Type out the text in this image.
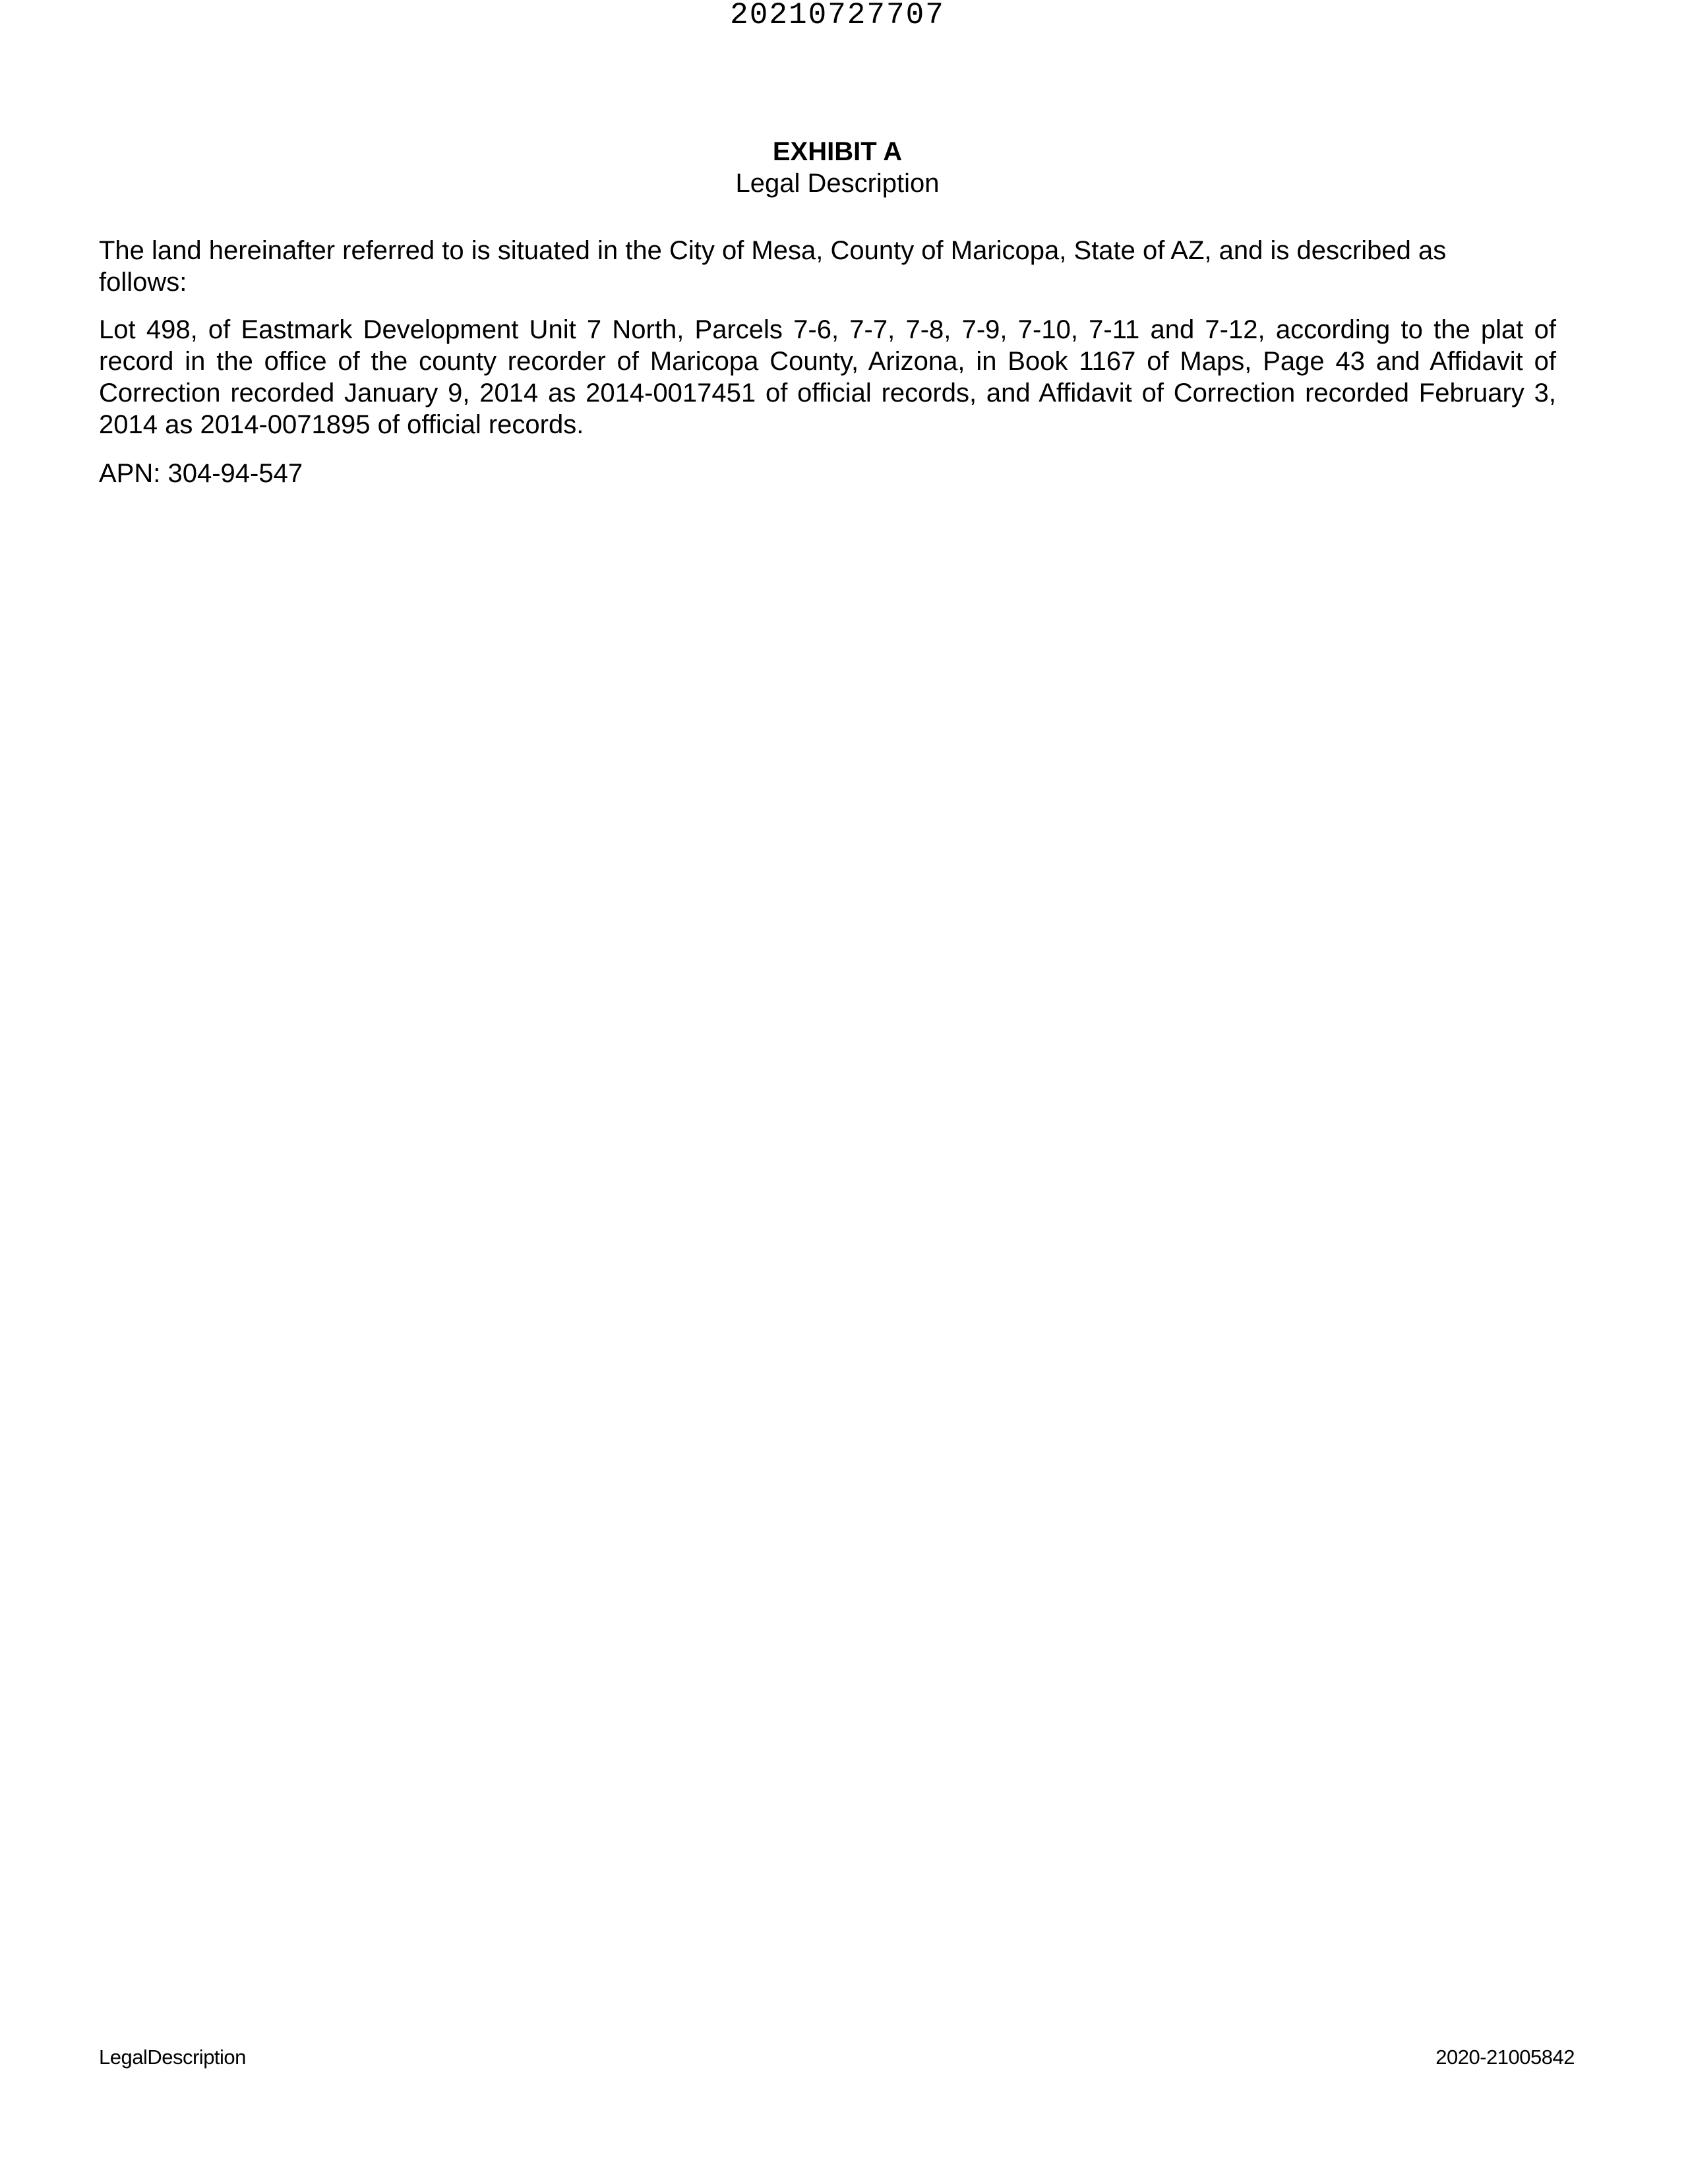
20210727707
EXHIBIT A
Legal Description
The land hereinafter referred to is situated in the City of Mesa, County of Maricopa, State of AZ, and is described as follows:
Lot 498, of Eastmark Development Unit 7 North, Parcels 7-6, 7-7, 7-8, 7-9, 7-10, 7-11 and 7-12, according to the plat of record in the office of the county recorder of Maricopa County, Arizona, in Book 1167 of Maps, Page 43 and Affidavit of Correction recorded January 9, 2014 as 2014-0017451 of official records, and Affidavit of Correction recorded February 3, 2014 as 2014-0071895 of official records.
APN: 304-94-547
LegalDescription	2020-21005842
